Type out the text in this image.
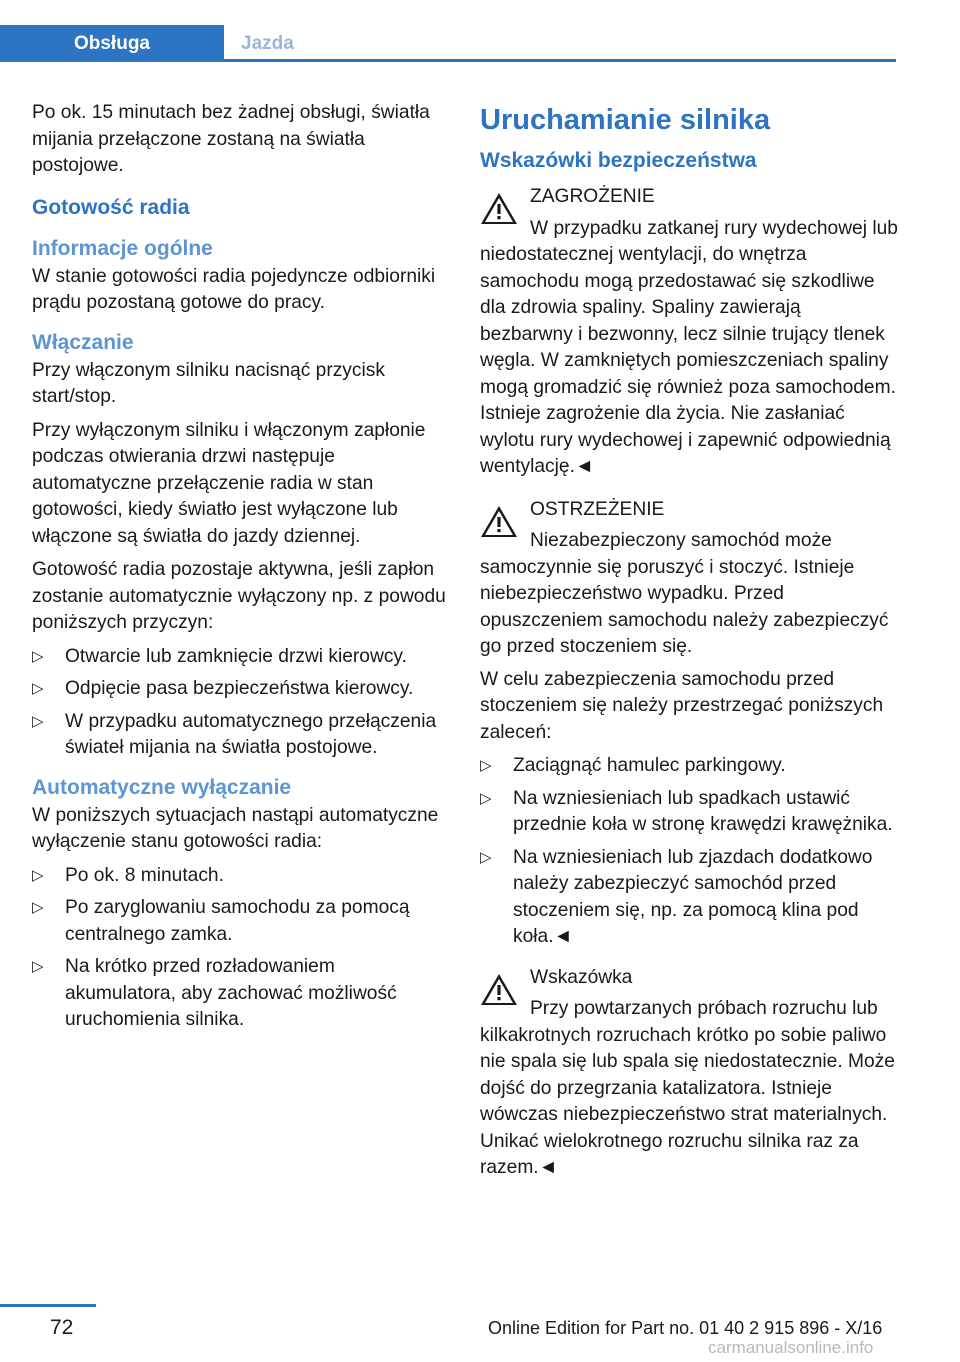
Obsługa	Jazda

Po ok. 15 minutach bez żadnej obsługi, światła mijania przełączone zostaną na światła postojowe.

Gotowość radia
Informacje ogólne

W stanie gotowości radia pojedyncze odbiorniki prądu pozostaną gotowe do pracy.

Włączanie

Przy włączonym silniku nacisnąć przycisk start/stop.

Przy wyłączonym silniku i włączonym zapłonie podczas otwierania drzwi następuje automatyczne przełączenie radia w stan gotowości, kiedy światło jest wyłączone lub włączone są światła do jazdy dziennej.

Gotowość radia pozostaje aktywna, jeśli zapłon zostanie automatycznie wyłączony np. z powodu poniższych przyczyn:

▷ Otwarcie lub zamknięcie drzwi kierowcy.
▷ Odpięcie pasa bezpieczeństwa kierowcy.
▷ W przypadku automatycznego przełączenia świateł mijania na światła postojowe.
Automatyczne wyłączanie

W poniższych sytuacjach nastąpi automatyczne wyłączenie stanu gotowości radia:

▷ Po ok. 8 minutach.
▷ Po zaryglowaniu samochodu za pomocą centralnego zamka.
▷ Na krótko przed rozładowaniem akumulatora, aby zachować możliwość uruchomienia silnika.
Uruchamianie silnika
Wskazówki bezpieczeństwa

ZAGROŻENIE

W przypadku zatkanej rury wydechowej lub niedostatecznej wentylacji, do wnętrza samochodu mogą przedostawać się szkodliwe dla zdrowia spaliny. Spaliny zawierają bezbarwny i bezwonny, lecz silnie trujący tlenek węgla. W zamkniętych pomieszczeniach spaliny mogą gromadzić się również poza samochodem. Istnieje zagrożenie dla życia. Nie zasłaniać wylotu rury wydechowej i zapewnić odpowiednią wentylację.◄

OSTRZEŻENIE

Niezabezpieczony samochód może samoczynnie się poruszyć i stoczyć. Istnieje niebezpieczeństwo wypadku. Przed opuszczeniem samochodu należy zabezpieczyć go przed stoczeniem się.

W celu zabezpieczenia samochodu przed stoczeniem się należy przestrzegać poniższych zaleceń:

▷ Zaciągnąć hamulec parkingowy.
▷ Na wzniesieniach lub spadkach ustawić przednie koła w stronę krawędzi krawężnika.
▷ Na wzniesieniach lub zjazdach dodatkowo należy zabezpieczyć samochód przed stoczeniem się, np. za pomocą klina pod koła.◄

Wskazówka

Przy powtarzanych próbach rozruchu lub kilkakrotnych rozruchach krótko po sobie paliwo nie spala się lub spala się niedostatecznie. Może dojść do przegrzania katalizatora. Istnieje wówczas niebezpieczeństwo strat materialnych. Unikać wielokrotnego rozruchu silnika raz za razem.◄

72	Online Edition for Part no. 01 40 2 915 896 - X/16
carmanualsonline.info
